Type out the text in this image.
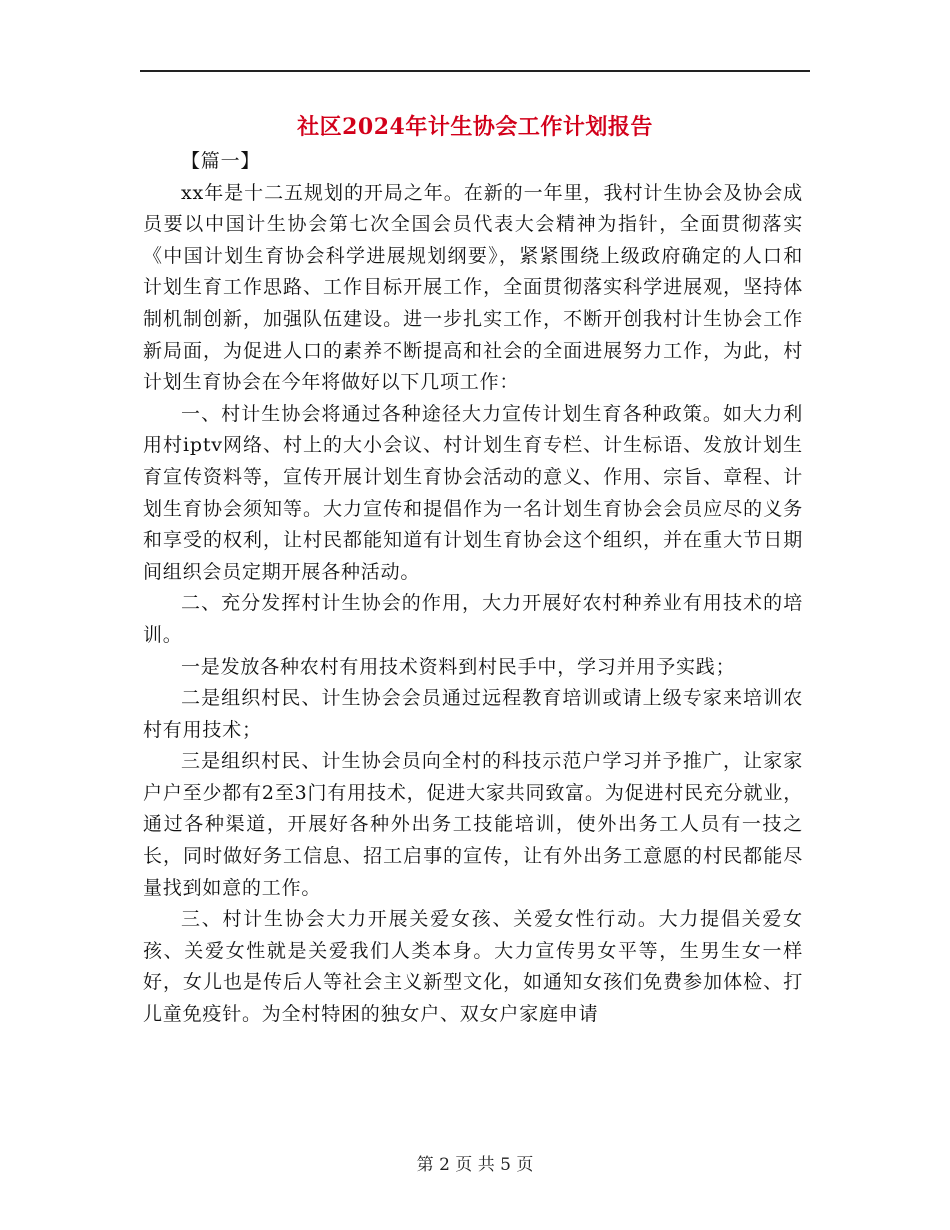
社区2024年计生协会工作计划报告

【篇一】

xx年是十二五规划的开局之年。在新的一年里，我村计生协会及协会成员要以中国计生协会第七次全国会员代表大会精神为指针，全面贯彻落实《中国计划生育协会科学进展规划纲要》，紧紧围绕上级政府确定的人口和计划生育工作思路、工作目标开展工作，全面贯彻落实科学进展观，坚持体制机制创新，加强队伍建设。进一步扎实工作，不断开创我村计生协会工作新局面，为促进人口的素养不断提高和社会的全面进展努力工作，为此，村计划生育协会在今年将做好以下几项工作：

一、村计生协会将通过各种途径大力宣传计划生育各种政策。如大力利用村iptv网络、村上的大小会议、村计划生育专栏、计生标语、发放计划生育宣传资料等，宣传开展计划生育协会活动的意义、作用、宗旨、章程、计划生育协会须知等。大力宣传和提倡作为一名计划生育协会会员应尽的义务和享受的权利，让村民都能知道有计划生育协会这个组织，并在重大节日期间组织会员定期开展各种活动。

二、充分发挥村计生协会的作用，大力开展好农村种养业有用技术的培训。

一是发放各种农村有用技术资料到村民手中，学习并用予实践；

二是组织村民、计生协会会员通过远程教育培训或请上级专家来培训农村有用技术；

三是组织村民、计生协会员向全村的科技示范户学习并予推广，让家家户户至少都有2至3门有用技术，促进大家共同致富。为促进村民充分就业，通过各种渠道，开展好各种外出务工技能培训，使外出务工人员有一技之长，同时做好务工信息、招工启事的宣传，让有外出务工意愿的村民都能尽量找到如意的工作。

三、村计生协会大力开展关爱女孩、关爱女性行动。大力提倡关爱女孩、关爱女性就是关爱我们人类本身。大力宣传男女平等，生男生女一样好，女儿也是传后人等社会主义新型文化，如通知女孩们免费参加体检、打儿童免疫针。为全村特困的独女户、双女户家庭申请

第 2 页 共 5 页
